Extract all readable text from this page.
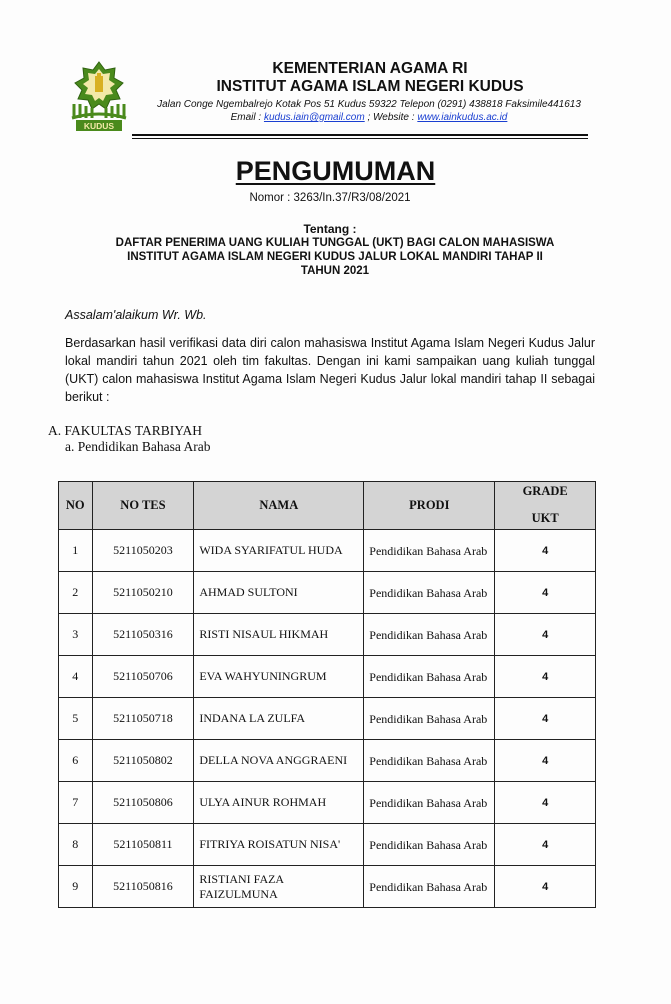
KUDUS
KEMENTERIAN AGAMA RI
INSTITUT AGAMA ISLAM NEGERI KUDUS
Jalan Conge Ngembalrejo Kotak Pos 51 Kudus 59322 Telepon (0291) 438818 Faksimile441613
Email : kudus.iain@gmail.com ; Website : www.iainkudus.ac.id
PENGUMUMAN
Nomor : 3263/In.37/R3/08/2021
Tentang :
DAFTAR PENERIMA UANG KULIAH TUNGGAL (UKT) BAGI CALON MAHASISWA
INSTITUT AGAMA ISLAM NEGERI KUDUS JALUR LOKAL MANDIRI TAHAP II
TAHUN 2021
Assalam'alaikum Wr. Wb.
Berdasarkan hasil verifikasi data diri calon mahasiswa Institut Agama Islam Negeri Kudus Jalur lokal mandiri tahun 2021 oleh tim fakultas. Dengan ini kami sampaikan uang kuliah tunggal (UKT) calon mahasiswa Institut Agama Islam Negeri Kudus Jalur lokal mandiri tahap II sebagai berikut :
A. FAKULTAS TARBIYAH
a. Pendidikan Bahasa Arab
NO	NO TES	NAMA	PRODI	GRADE
UKT

1	5211050203	WIDA SYARIFATUL HUDA	Pendidikan Bahasa Arab	4
2	5211050210	AHMAD SULTONI	Pendidikan Bahasa Arab	4
3	5211050316	RISTI NISAUL HIKMAH	Pendidikan Bahasa Arab	4
4	5211050706	EVA WAHYUNINGRUM	Pendidikan Bahasa Arab	4
5	5211050718	INDANA LA ZULFA	Pendidikan Bahasa Arab	4
6	5211050802	DELLA NOVA ANGGRAENI	Pendidikan Bahasa Arab	4
7	5211050806	ULYA AINUR ROHMAH	Pendidikan Bahasa Arab	4
8	5211050811	FITRIYA ROISATUN NISA'	Pendidikan Bahasa Arab	4
9	5211050816	RISTIANI FAZA FAIZULMUNA	Pendidikan Bahasa Arab	4
